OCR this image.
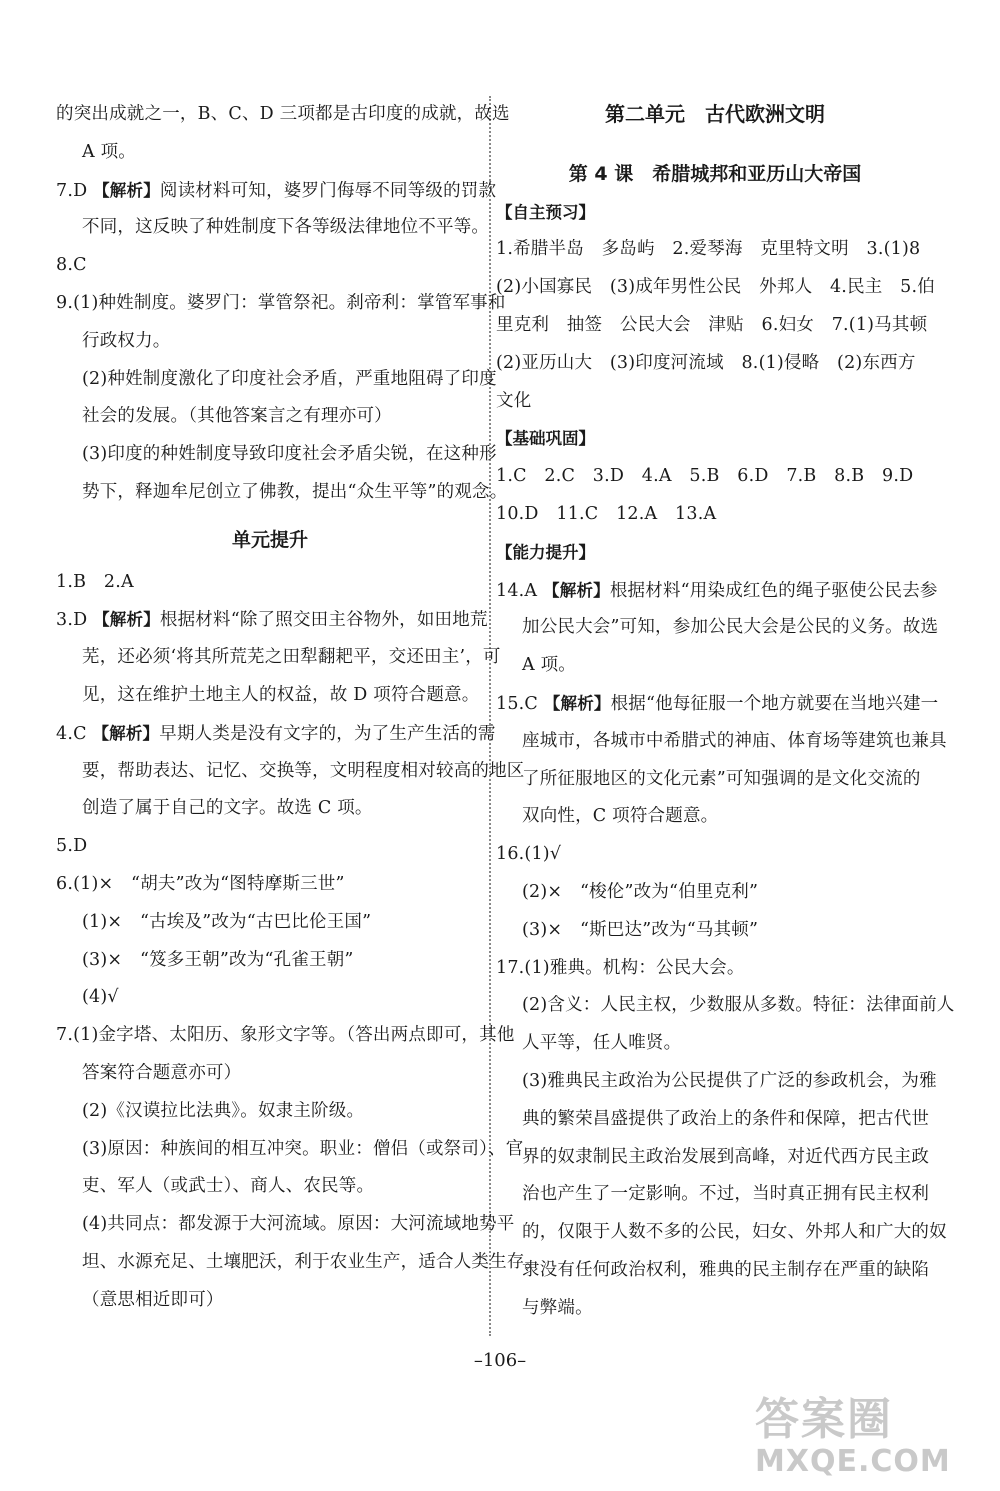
的突出成就之一，B、C、D 三项都是古印度的成就，故选
A 项。
7.D 【解析】阅读材料可知，婆罗门侮辱不同等级的罚款
不同，这反映了种姓制度下各等级法律地位不平等。
8.C
9.(1)种姓制度。婆罗门：掌管祭祀。刹帝利：掌管军事和
行政权力。
(2)种姓制度激化了印度社会矛盾，严重地阻碍了印度
社会的发展。（其他答案言之有理亦可）
(3)印度的种姓制度导致印度社会矛盾尖锐，在这种形
势下，释迦牟尼创立了佛教，提出“众生平等”的观念。
单元提升
1.B　2.A
3.D 【解析】根据材料“除了照交田主谷物外，如田地荒
芜，还必须‘将其所荒芜之田犁翻耙平，交还田主’，可
见，这在维护土地主人的权益，故 D 项符合题意。
4.C 【解析】早期人类是没有文字的，为了生产生活的需
要，帮助表达、记忆、交换等，文明程度相对较高的地区
创造了属于自己的文字。故选 C 项。
5.D
6.(1)×　“胡夫”改为“图特摩斯三世”
(1)×　“古埃及”改为“古巴比伦王国”
(3)×　“笈多王朝”改为“孔雀王朝”
(4)√
7.(1)金字塔、太阳历、象形文字等。（答出两点即可，其他
答案符合题意亦可）
(2)《汉谟拉比法典》。奴隶主阶级。
(3)原因：种族间的相互冲突。职业：僧侣（或祭司）、官
吏、军人（或武士）、商人、农民等。
(4)共同点：都发源于大河流域。原因：大河流域地势平
坦、水源充足、土壤肥沃，利于农业生产，适合人类生存。
（意思相近即可）
第二单元　古代欧洲文明
第 4 课　希腊城邦和亚历山大帝国
【自主预习】
1.希腊半岛　多岛屿　2.爱琴海　克里特文明　3.(1)8
(2)小国寡民　(3)成年男性公民　外邦人　4.民主　5.伯
里克利　抽签　公民大会　津贴　6.妇女　7.(1)马其顿
(2)亚历山大　(3)印度河流域　8.(1)侵略　(2)东西方
文化
【基础巩固】
1.C　2.C　3.D　4.A　5.B　6.D　7.B　8.B　9.D
10.D　11.C　12.A　13.A
【能力提升】
14.A 【解析】根据材料“用染成红色的绳子驱使公民去参
加公民大会”可知，参加公民大会是公民的义务。故选
A 项。
15.C 【解析】根据“他每征服一个地方就要在当地兴建一
座城市，各城市中希腊式的神庙、体育场等建筑也兼具
了所征服地区的文化元素”可知强调的是文化交流的
双向性，C 项符合题意。
16.(1)√
(2)×　“梭伦”改为“伯里克利”
(3)×　“斯巴达”改为“马其顿”
17.(1)雅典。机构：公民大会。
(2)含义：人民主权，少数服从多数。特征：法律面前人
人平等，任人唯贤。
(3)雅典民主政治为公民提供了广泛的参政机会，为雅
典的繁荣昌盛提供了政治上的条件和保障，把古代世
界的奴隶制民主政治发展到高峰，对近代西方民主政
治也产生了一定影响。不过，当时真正拥有民主权利
的，仅限于人数不多的公民，妇女、外邦人和广大的奴
隶没有任何政治权利，雅典的民主制存在严重的缺陷
与弊端。
–106–
答案圈
MXQE.COM
